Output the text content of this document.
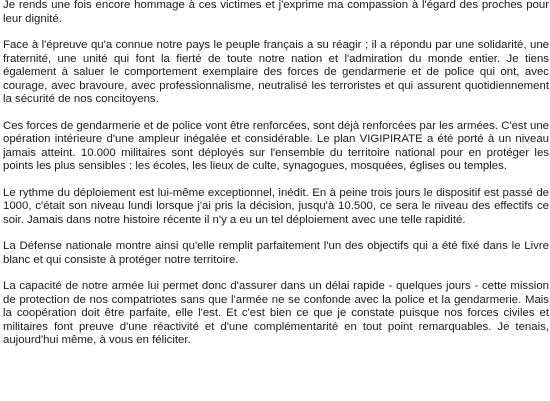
Je rends une fois encore hommage à ces victimes et j'exprime ma compassion à l'égard des proches pour leur dignité.

Face à l'épreuve qu'a connue notre pays le peuple français a su réagir ; il a répondu par une solidarité, une fraternité, une unité qui font la fierté de toute notre nation et l'admiration du monde entier. Je tiens également à saluer le comportement exemplaire des forces de gendarmerie et de police qui ont, avec courage, avec bravoure, avec professionnalisme, neutralisé les terroristes et qui assurent quotidiennement la sécurité de nos concitoyens.

Ces forces de gendarmerie et de police vont être renforcées, sont déjà renforcées par les armées. C'est une opération intérieure d'une ampleur inégalée et considérable. Le plan VIGIPIRATE a été porté à un niveau jamais atteint. 10.000 militaires sont déployés sur l'ensemble du territoire national pour en protéger les points les plus sensibles : les écoles, les lieux de culte, synagogues, mosquées, églises ou temples.

Le rythme du déploiement est lui-même exceptionnel, inédit. En à peine trois jours le dispositif est passé de 1000, c'était son niveau lundi lorsque j'ai pris la décision, jusqu'à 10.500, ce sera le niveau des effectifs ce soir. Jamais dans notre histoire récente il n'y a eu un tel déploiement avec une telle rapidité.

La Défense nationale montre ainsi qu'elle remplit parfaitement l'un des objectifs qui a été fixé dans le Livre blanc et qui consiste à protéger notre territoire.

La capacité de notre armée lui permet donc d'assurer dans un délai rapide - quelques jours - cette mission de protection de nos compatriotes sans que l'armée ne se confonde avec la police et la gendarmerie. Mais la coopération doit être parfaite, elle l'est. Et c'est bien ce que je constate puisque nos forces civiles et militaires font preuve d'une réactivité et d'une complémentarité en tout point remarquables. Je tenais, aujourd'hui même, à vous en féliciter.
